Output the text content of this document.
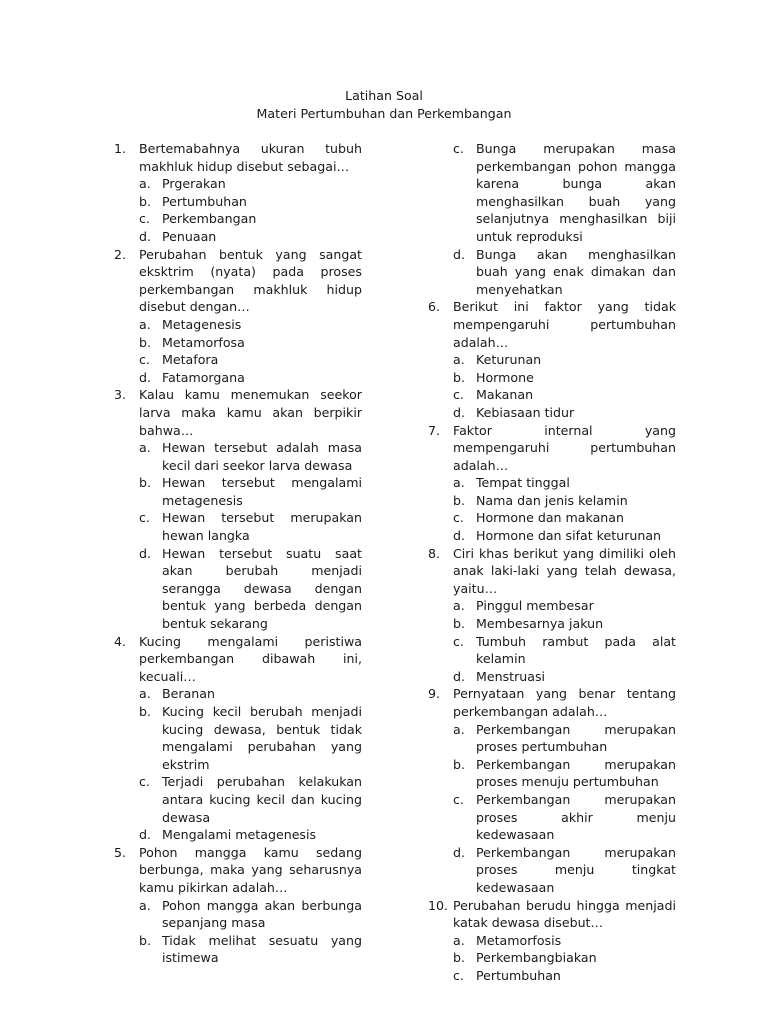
Latihan Soal
Materi Pertumbuhan dan Perkembangan
1. Bertemabahnya ukuran tubuh makhluk hidup disebut sebagai…
a. Prgerakan
b. Pertumbuhan
c. Perkembangan
d. Penuaan
2. Perubahan bentuk yang sangat eksktrim (nyata) pada proses perkembangan makhluk hidup disebut dengan…
a. Metagenesis
b. Metamorfosa
c. Metafora
d. Fatamorgana
3. Kalau kamu menemukan seekor larva maka kamu akan berpikir bahwa…
a. Hewan tersebut adalah masa kecil dari seekor larva dewasa
b. Hewan tersebut mengalami metagenesis
c. Hewan tersebut merupakan hewan langka
d. Hewan tersebut suatu saat akan berubah menjadi serangga dewasa dengan bentuk yang berbeda dengan bentuk sekarang
4. Kucing mengalami peristiwa perkembangan dibawah ini, kecuali…
a. Beranan
b. Kucing kecil berubah menjadi kucing dewasa, bentuk tidak mengalami perubahan yang ekstrim
c. Terjadi perubahan kelakukan antara kucing kecil dan kucing dewasa
d. Mengalami metagenesis
5. Pohon mangga kamu sedang berbunga, maka yang seharusnya kamu pikirkan adalah…
a. Pohon mangga akan berbunga sepanjang masa
b. Tidak melihat sesuatu yang istimewa
c. Bunga merupakan masa perkembangan pohon mangga karena bunga akan menghasilkan buah yang selanjutnya menghasilkan biji untuk reproduksi
d. Bunga akan menghasilkan buah yang enak dimakan dan menyehatkan
6. Berikut ini faktor yang tidak mempengaruhi pertumbuhan adalah…
a. Keturunan
b. Hormone
c. Makanan
d. Kebiasaan tidur
7. Faktor internal yang mempengaruhi pertumbuhan adalah…
a. Tempat tinggal
b. Nama dan jenis kelamin
c. Hormone dan makanan
d. Hormone dan sifat keturunan
8. Ciri khas berikut yang dimiliki oleh anak laki-laki yang telah dewasa, yaitu…
a. Pinggul membesar
b. Membesarnya jakun
c. Tumbuh rambut pada alat kelamin
d. Menstruasi
9. Pernyataan yang benar tentang perkembangan adalah…
a. Perkembangan merupakan proses pertumbuhan
b. Perkembangan merupakan proses menuju pertumbuhan
c. Perkembangan merupakan proses akhir menju kedewasaan
d. Perkembangan merupakan proses menju tingkat kedewasaan
10. Perubahan berudu hingga menjadi katak dewasa disebut…
a. Metamorfosis
b. Perkembangbiakan
c. Pertumbuhan
